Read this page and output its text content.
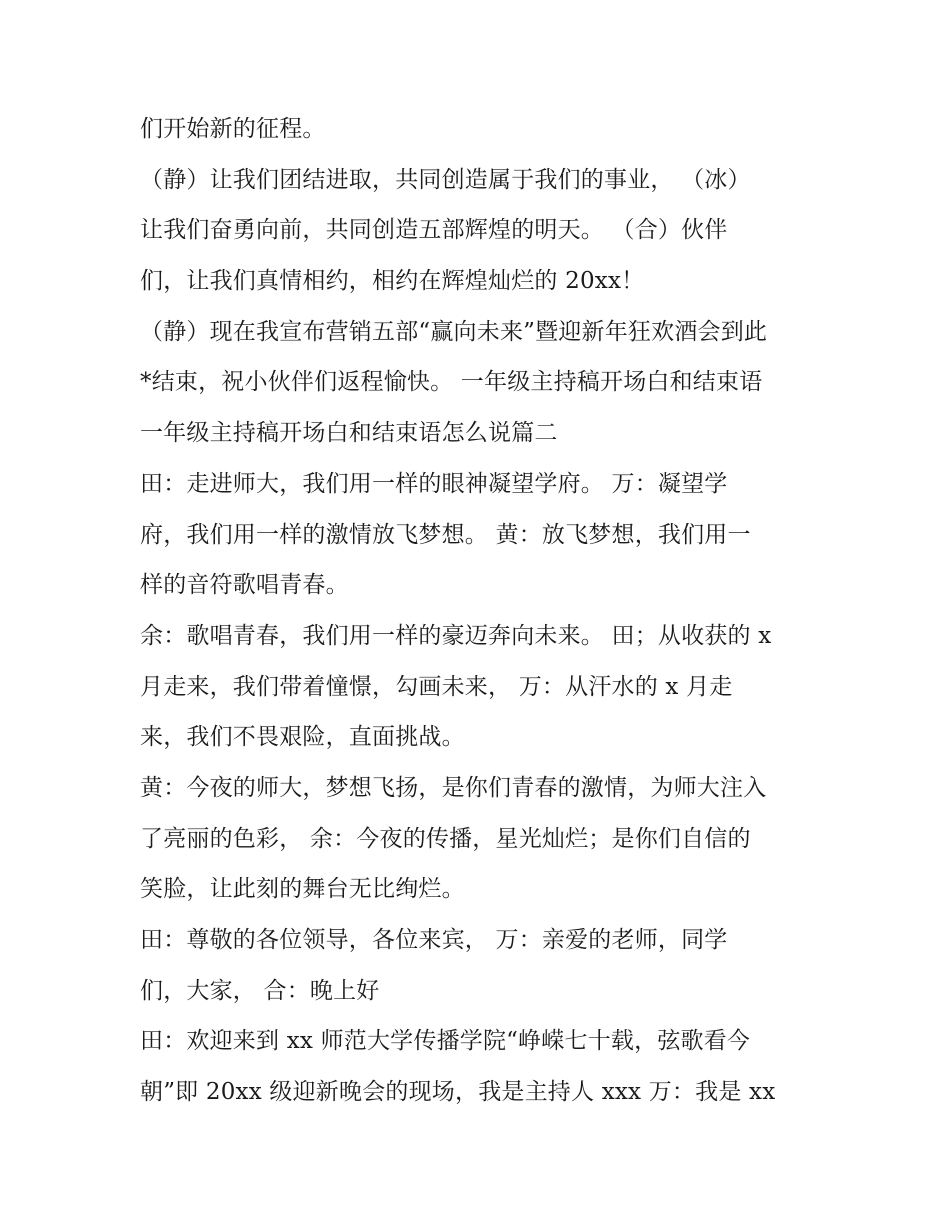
们开始新的征程。
（静）让我们团结进取，共同创造属于我们的事业， （冰）
让我们奋勇向前，共同创造五部辉煌的明天。 （合）伙伴
们，让我们真情相约，相约在辉煌灿烂的 20xx！
（静）现在我宣布营销五部“赢向未来”暨迎新年狂欢酒会到此
*结束，祝小伙伴们返程愉快。 一年级主持稿开场白和结束语
一年级主持稿开场白和结束语怎么说篇二
田：走进师大，我们用一样的眼神凝望学府。 万：凝望学
府，我们用一样的激情放飞梦想。 黄：放飞梦想，我们用一
样的音符歌唱青春。
余：歌唱青春，我们用一样的豪迈奔向未来。 田；从收获的 x
月走来，我们带着憧憬，勾画未来， 万：从汗水的 x 月走
来，我们不畏艰险，直面挑战。
黄：今夜的师大，梦想飞扬，是你们青春的激情，为师大注入
了亮丽的色彩， 余：今夜的传播，星光灿烂；是你们自信的
笑脸，让此刻的舞台无比绚烂。
田：尊敬的各位领导，各位来宾， 万：亲爱的老师，同学
们，大家， 合：晚上好
田：欢迎来到 xx 师范大学传播学院“峥嵘七十载，弦歌看今
朝”即 20xx 级迎新晚会的现场，我是主持人 xxx 万：我是 xx
